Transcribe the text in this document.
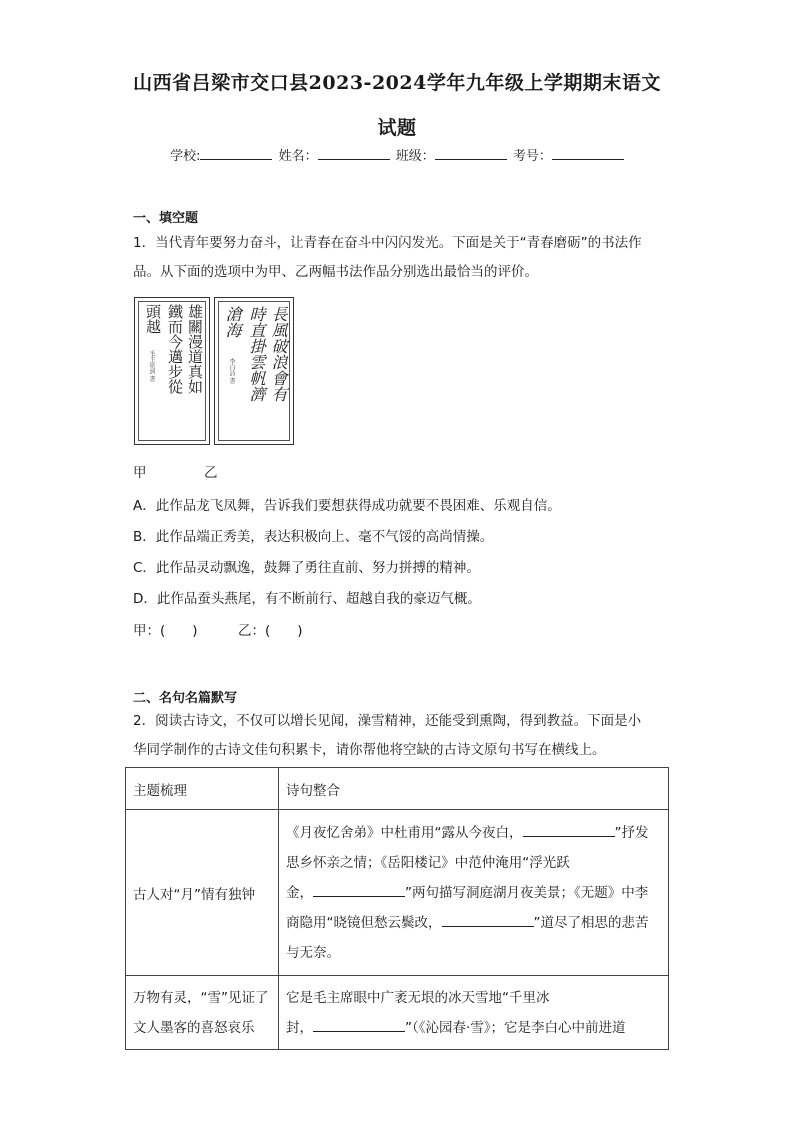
山西省吕梁市交口县2023-2024学年九年级上学期期末语文
试题
学校:	姓名：	班级：	考号：
一、填空题
1．当代青年要努力奋斗，让青春在奋斗中闪闪发光。下面是关于“青春磨砺”的书法作
品。从下面的选项中为甲、乙两幅书法作品分别选出最恰当的评价。
雄關漫道真如
鐵而今邁步從
頭越
毛主席詞 書	長風破浪會有
時直掛雲帆濟
滄海
李白詩 書
甲	乙
A．此作品龙飞凤舞，告诉我们要想获得成功就要不畏困难、乐观自信。
B．此作品端正秀美，表达积极向上、毫不气馁的高尚情操。
C．此作品灵动飘逸，鼓舞了勇往直前、努力拼搏的精神。
D．此作品蚕头燕尾，有不断前行、超越自我的豪迈气概。
甲：(　　)　　　乙：(　　)
二、名句名篇默写
2．阅读古诗文，不仅可以增长见闻，澡雪精神，还能受到熏陶，得到教益。下面是小
华同学制作的古诗文佳句积累卡，请你帮他将空缺的古诗文原句书写在横线上。
主题梳理	诗句整合
古人对“月”情有独钟	《月夜忆舍弟》中杜甫用“露从今夜白， ”抒发
思乡怀亲之情；《岳阳楼记》中范仲淹用“浮光跃
金， ”两句描写洞庭湖月夜美景；《无题》中李
商隐用“晓镜但愁云鬓改， ”道尽了相思的悲苦
与无奈。

万物有灵，“雪”见证了
文人墨客的喜怒哀乐	它是毛主席眼中广袤无垠的冰天雪地“千里冰
封， ”（《沁园春·雪》；它是李白心中前进道
